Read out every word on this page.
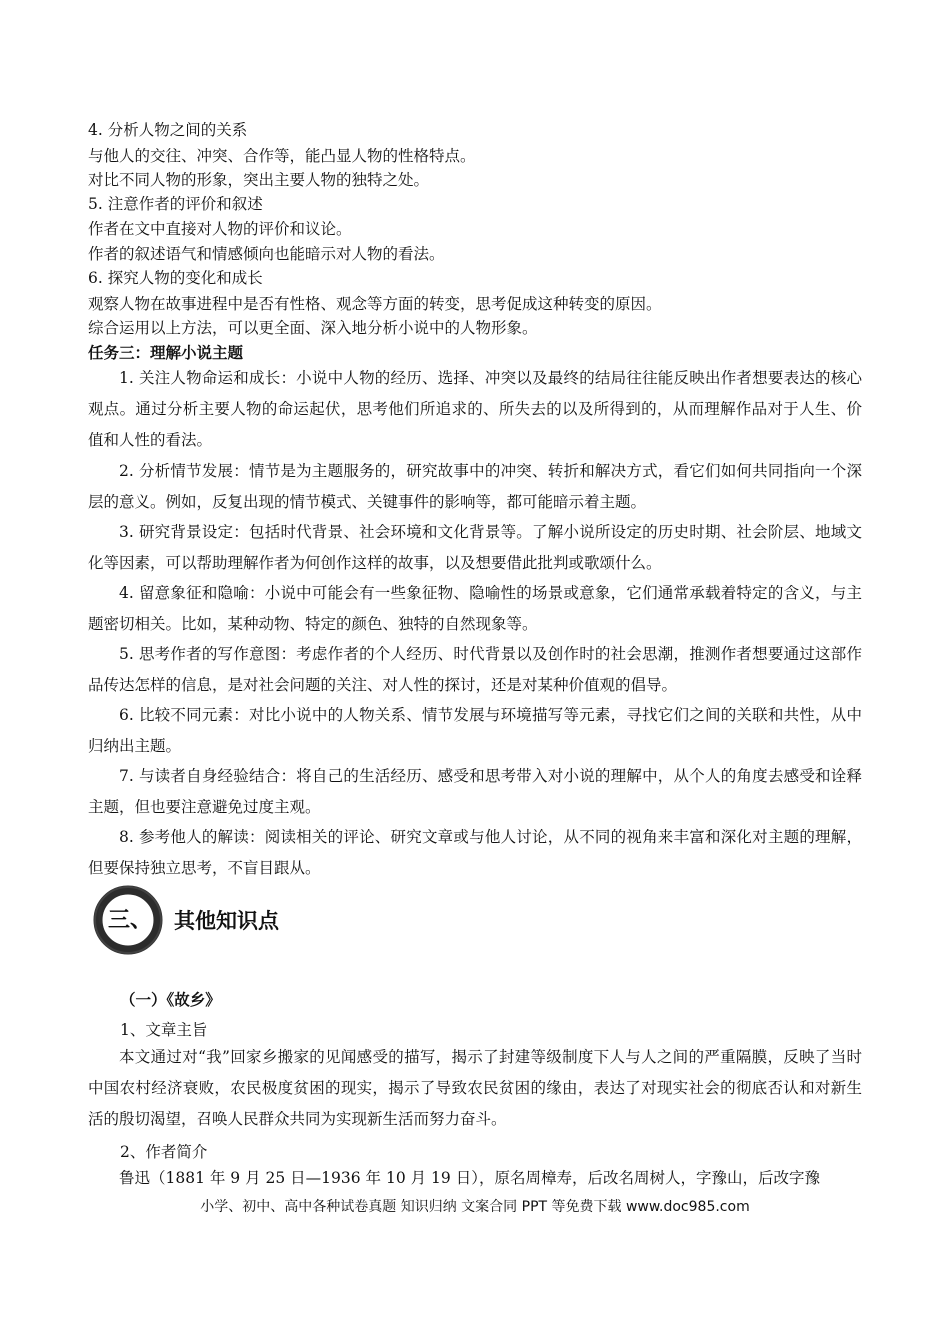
4. 分析人物之间的关系
与他人的交往、冲突、合作等，能凸显人物的性格特点。
对比不同人物的形象，突出主要人物的独特之处。
5. 注意作者的评价和叙述
作者在文中直接对人物的评价和议论。
作者的叙述语气和情感倾向也能暗示对人物的看法。
6. 探究人物的变化和成长
观察人物在故事进程中是否有性格、观念等方面的转变，思考促成这种转变的原因。
综合运用以上方法，可以更全面、深入地分析小说中的人物形象。
任务三：理解小说主题
1. 关注人物命运和成长：小说中人物的经历、选择、冲突以及最终的结局往往能反映出作者想要表达的核心观点。通过分析主要人物的命运起伏，思考他们所追求的、所失去的以及所得到的，从而理解作品对于人生、价值和人性的看法。
2. 分析情节发展：情节是为主题服务的，研究故事中的冲突、转折和解决方式，看它们如何共同指向一个深层的意义。例如，反复出现的情节模式、关键事件的影响等，都可能暗示着主题。
3. 研究背景设定：包括时代背景、社会环境和文化背景等。了解小说所设定的历史时期、社会阶层、地域文化等因素，可以帮助理解作者为何创作这样的故事，以及想要借此批判或歌颂什么。
4. 留意象征和隐喻：小说中可能会有一些象征物、隐喻性的场景或意象，它们通常承载着特定的含义，与主题密切相关。比如，某种动物、特定的颜色、独特的自然现象等。
5. 思考作者的写作意图：考虑作者的个人经历、时代背景以及创作时的社会思潮，推测作者想要通过这部作品传达怎样的信息，是对社会问题的关注、对人性的探讨，还是对某种价值观的倡导。
6. 比较不同元素：对比小说中的人物关系、情节发展与环境描写等元素，寻找它们之间的关联和共性，从中归纳出主题。
7. 与读者自身经验结合：将自己的生活经历、感受和思考带入对小说的理解中，从个人的角度去感受和诠释主题，但也要注意避免过度主观。
8. 参考他人的解读：阅读相关的评论、研究文章或与他人讨论，从不同的视角来丰富和深化对主题的理解，但要保持独立思考，不盲目跟从。
三、 其他知识点
（一）《故乡》
1、文章主旨
本文通过对“我”回家乡搬家的见闻感受的描写，揭示了封建等级制度下人与人之间的严重隔膜，反映了当时中国农村经济衰败，农民极度贫困的现实，揭示了导致农民贫困的缘由，表达了对现实社会的彻底否认和对新生活的殷切渴望，召唤人民群众共同为实现新生活而努力奋斗。
2、作者简介
鲁迅（1881 年 9 月 25 日—1936 年 10 月 19 日），原名周樟寿，后改名周树人，字豫山，后改字豫
小学、初中、高中各种试卷真题 知识归纳 文案合同 PPT 等免费下载 www.doc985.com
